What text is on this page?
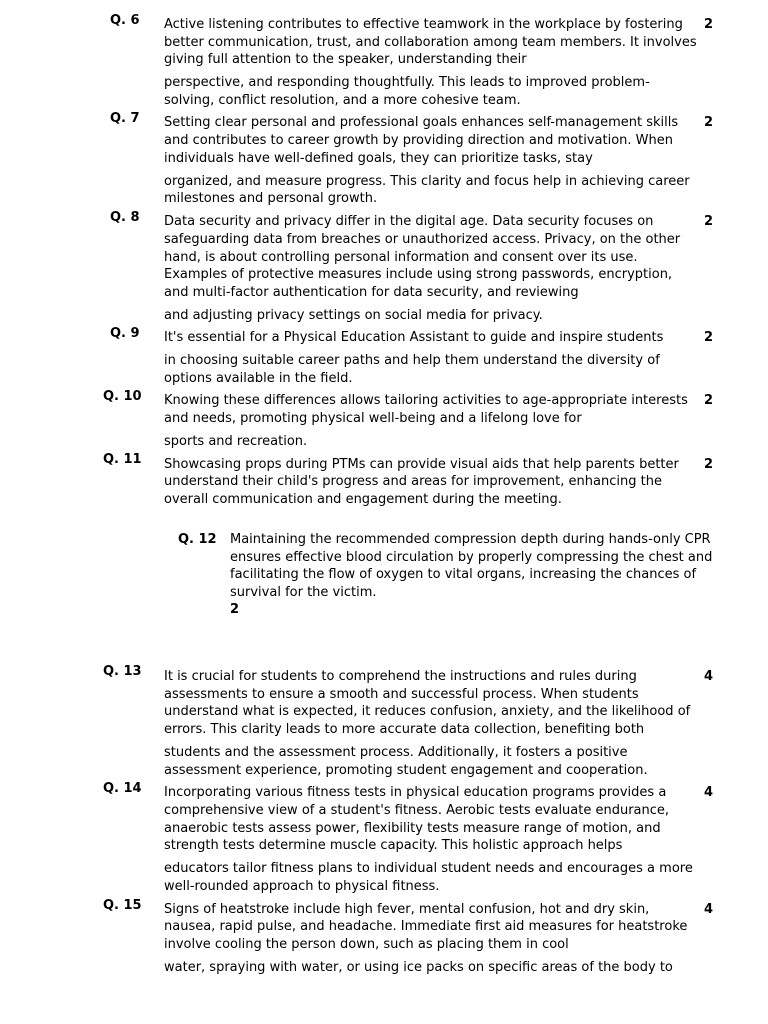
Q. 6	2
Active listening contributes to effective teamwork in the workplace by fostering
better communication, trust, and collaboration among team members. It involves
giving full attention to the speaker, understanding their
perspective, and responding thoughtfully. This leads to improved problem-
solving, conflict resolution, and a more cohesive team.
Q. 7	2
Setting clear personal and professional goals enhances self-management skills
and contributes to career growth by providing direction and motivation. When
individuals have well-defined goals, they can prioritize tasks, stay
organized, and measure progress. This clarity and focus help in achieving career
milestones and personal growth.
Q. 8	2
Data security and privacy differ in the digital age. Data security focuses on
safeguarding data from breaches or unauthorized access. Privacy, on the other
hand, is about controlling personal information and consent over its use.
Examples of protective measures include using strong passwords, encryption,
and multi-factor authentication for data security, and reviewing
and adjusting privacy settings on social media for privacy.
Q. 9	2
It's essential for a Physical Education Assistant to guide and inspire students
in choosing suitable career paths and help them understand the diversity of
options available in the field.
Q. 10	2
Knowing these differences allows tailoring activities to age-appropriate interests
and needs, promoting physical well-being and a lifelong love for
sports and recreation.
Q. 11	2
Showcasing props during PTMs can provide visual aids that help parents better
understand their child's progress and areas for improvement, enhancing the
overall communication and engagement during the meeting.
Q. 12 Maintaining the recommended compression depth during hands-only CPR
ensures effective blood circulation by properly compressing the chest and
facilitating the flow of oxygen to vital organs, increasing the chances of
survival for the victim.
2
Q. 13	4
It is crucial for students to comprehend the instructions and rules during
assessments to ensure a smooth and successful process. When students
understand what is expected, it reduces confusion, anxiety, and the likelihood of
errors. This clarity leads to more accurate data collection, benefiting both
students and the assessment process. Additionally, it fosters a positive
assessment experience, promoting student engagement and cooperation.
Q. 14	4
Incorporating various fitness tests in physical education programs provides a
comprehensive view of a student's fitness. Aerobic tests evaluate endurance,
anaerobic tests assess power, flexibility tests measure range of motion, and
strength tests determine muscle capacity. This holistic approach helps
educators tailor fitness plans to individual student needs and encourages a more
well-rounded approach to physical fitness.
Q. 15	4
Signs of heatstroke include high fever, mental confusion, hot and dry skin,
nausea, rapid pulse, and headache. Immediate first aid measures for heatstroke
involve cooling the person down, such as placing them in cool
water, spraying with water, or using ice packs on specific areas of the body to
